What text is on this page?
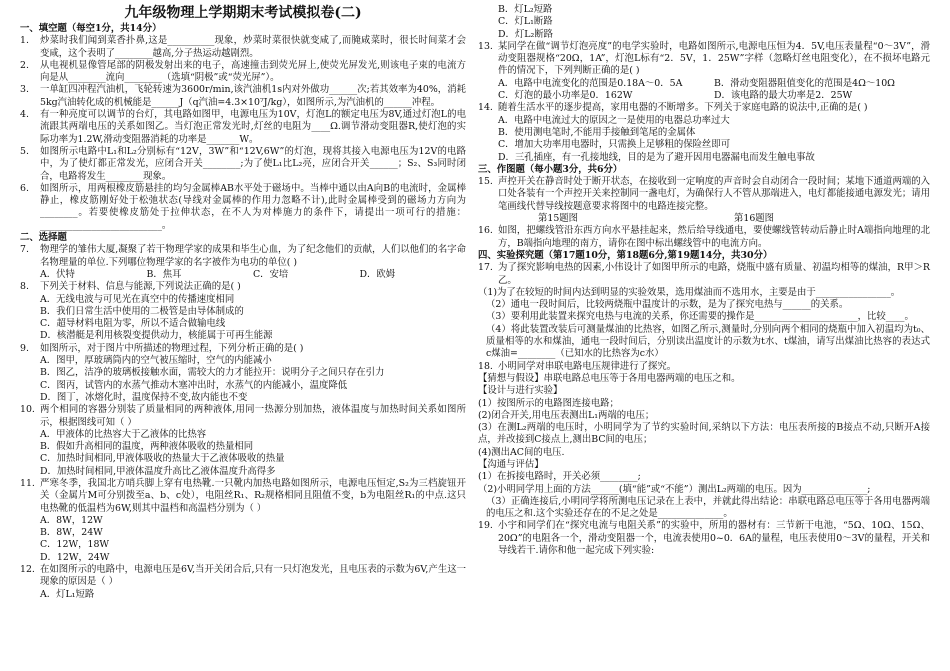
九年级物理上学期期末考试模拟卷(二)
一、填空题（每空1分，共14分）
1.	炒菜时我们闻到菜香扑鼻,这是__________现象，炒菜时菜很快就变咸了,而腌咸菜时，很长时间菜才会变咸，这个表明了________越高,分子热运动越剧烈。
2.	从电视机显像管尾部的阴极发射出来的电子，高速撞击到荧光屏上,使荧光屏发光,则该电子束的电流方向是从________流向________（选填“阴极”或“荧光屏”）。
3.	一单缸四冲程汽油机，飞轮转速为3600r/min,该汽油机1s内对外做功______次;若其效率为40%，消耗5kg汽油转化成的机械能是______J（q汽油=4.3×10⁷J/kg），如图所示,为汽油机的______冲程。
4.	有一种亮度可以调节的台灯，其电路如图甲，电源电压为10V，灯泡L的额定电压为8V,通过灯泡L的电流跟其两端电压的关系如图乙。当灯泡正常发光时,灯丝的电阻为____Ω.调节滑动变阻器R,使灯泡的实际功率为1.2W,滑动变阻器消耗的功率是_______W。
5.	如图所示电路中L₁和L₂分别标有“12V，3W”和“12V,6W”的灯泡，现将其接入电源电压为12V的电路中，为了使灯都正常发光，应闭合开关________;为了使L₁比L₂亮，应闭合开关______；S₂、S₃同时闭合，电路将发生________现象。
6.	如图所示，用两根橡皮筋悬挂的均匀金属棒AB水平处于磁场中。当棒中通以由A向B的电流时，金属棒静止，橡皮筋刚好处于松弛状态(导线对金属棒的作用力忽略不计),此时金属棒受到的磁场力方向为________。若要使橡皮筋处于拉伸状态，在不人为对棒施力的条件下，请提出一项可行的措施：__________________________。
二、选择题
7.	物理学的雏伟大厦,凝聚了若干物理学家的成果和毕生心血，为了纪念他们的贡献，人们以他们的名字命名物理量的单位.下列哪位物理学家的名字被作为电功的单位( )
A．伏特	B．焦耳	C．安培	D．欧姆
8.	下列关于材料、信息与能源,下列说法正确的是( )
A．无线电波与可见光在真空中的传播速度相同
B．我们日常生活中使用的二极管是由导体制成的
C．超导材料电阻为零，所以不适合做输电线
D．核潜艇是利用核裂变提供动力，核能属于可再生能源
9.	如图所示，对于图片中所描述的物理过程，下列分析正确的是( )
A．图甲，厚玻璃筒内的空气被压缩时，空气的内能减小
B．图乙，洁净的玻璃板接触水面，需较大的力才能拉开：说明分子之间只存在引力
C．图丙，试管内的水蒸气推动木塞冲出时，水蒸气的内能减小，温度降低
D．图丁，冰熔化时，温度保持不变,故内能也不变
10. 两个相同的容器分别装了质量相同的两种液体,用同一热源分别加热，液体温度与加热时间关系如图所示，根据图线可知（ ）
A．甲液体的比热容大于乙液体的比热容
B．假如升高相同的温度，两种液体吸收的热量相同
C．加热时间相同,甲液体吸收的热量大于乙液体吸收的热量
D．加热时间相同,甲液体温度升高比乙液体温度升高得多
11. 严寒冬季，我国北方哨兵脚上穿有电热靴.一只靴内加热电路如图所示，电源电压恒定,S₂为三档旋钮开关（金属片M可分别拨至a、b、c处），电阻丝R₁、R₂规格相同且阻值不变，b为电阻丝R₁的中点.这只电热靴的低温档为6W,则其中温档和高温档分别为（ ）
A．8W，12W
B．8W，24W
C．12W，18W
D．12W，24W
12. 在如图所示的电路中，电源电压是6V,当开关闭合后,只有一只灯泡发光，且电压表的示数为6V,产生这一现象的原因是（ ）
A．灯L₁短路
B．灯L₂短路
C．灯L₁断路
D．灯L₂断路
13. 某同学在做“调节灯泡亮度”的电学实验时，电路如图所示,电源电压恒为4．5V,电压表量程“0～3V”，滑动变阻器规格“20Ω，1A”，灯泡L标有“2．5V，1．25W”字样（忽略灯丝电阻变化），在不损坏电路元件的情况下，下列判断正确的是( )
A．电路中电流变化的范围是0.18A～0．5A	B．滑动变阻器阻值变化的范围是4Ω～10Ω
C．灯泡的最小功率是0．162W	D．该电路的最大功率是2．25W
14. 随着生活水平的逐步提高，家用电器的不断增多。下列关于家庭电路的说法中,正确的是( )
A．电路中电流过大的原因之一是使用的电器总功率过大
B．使用测电笔时,不能用手接触到笔尾的金属体
C．增加大功率用电器时，只需换上足够粗的保险丝即可
D．三孔插座，有一孔接地线，目的是为了避开因用电器漏电而发生触电事故
三、作图题（每小题3分，共6分）
15. 声控开关在静音时处于断开状态，在接收到一定响度的声音时会自动闭合一段时间；某地下通道两端的入口处各装有一个声控开关来控制同一盏电灯，为确保行人不管从那端进入，电灯都能接通电源发光；请用笔画线代替导线按题意要求将图中的电路连接完整。
第15题图	第16题图
16. 如图，把螺线管沿东西方向水平悬挂起来，然后给导线通电，要使螺线管转动后静止时A端指向地理的北方，B端指向地理的南方，请你在图中标出螺线管中的电流方向。
四、实验探究题（第17题10分，第18题6分,第19题14分，共30分）
17. 为了探究影响电热的因素,小伟设计了如图甲所示的电路，烧瓶中盛有质量、初温均相等的煤油，R甲＞R乙。
（1)为了在较短的时间内达到明显的实验效果，选用煤油而不选用水，主要是由于________________。
（2）通电一段时间后，比较两烧瓶中温度计的示数，是为了探究电热与______的关系。
（3）要利用此装置来探究电热与电流的关系，你还需要的操作是______________________，比较____。
（4）将此装置改装后可测量煤油的比热容，如图乙所示,测量时,分别向两个相同的烧瓶中加入初温均为t₀、质量相等的水和煤油，通电一段时间后，分别读出温度计的示数为t水、t煤油，请写出煤油比热容的表达式c煤油=________（已知水的比热容为c水）
18. 小明同学对串联电路电压规律进行了探究。
【猜想与假设】串联电路总电压等于各用电器两端的电压之和。
【设计与进行实验】
(1）按图所示的电路图连接电路；
(2)闭合开关,用电压表测出L₁两端的电压；
(3）在测L₂两端的电压时，小明同学为了节约实验时间,采纳以下方法：电压表所接的B接点不动,只断开A接点，并改接到C接点上,测出BC间的电压；
(4)测出AC间的电压.
【沟通与评估】
(1）在拆接电路时，开关必须________;
（2)小明同学用上面的方法______(填“能”或“不能”）测出L₂两端的电压。因为______________;
（3）正确连接后,小明同学将所测电压记录在上表中，并就此得出结论：串联电路总电压等于各用电器两端的电压之和.这个实验还存在的不足之处是______________。
19. 小宇和同学们在“探究电流与电阻关系”的实验中，所用的器材有：三节新干电池，“5Ω、10Ω、15Ω、20Ω”的电阻各一个，滑动变阻器一个，电流表使用0~0．6A的量程，电压表使用0～3V的量程，开关和导线若干.请你和他一起完成下列实验:
